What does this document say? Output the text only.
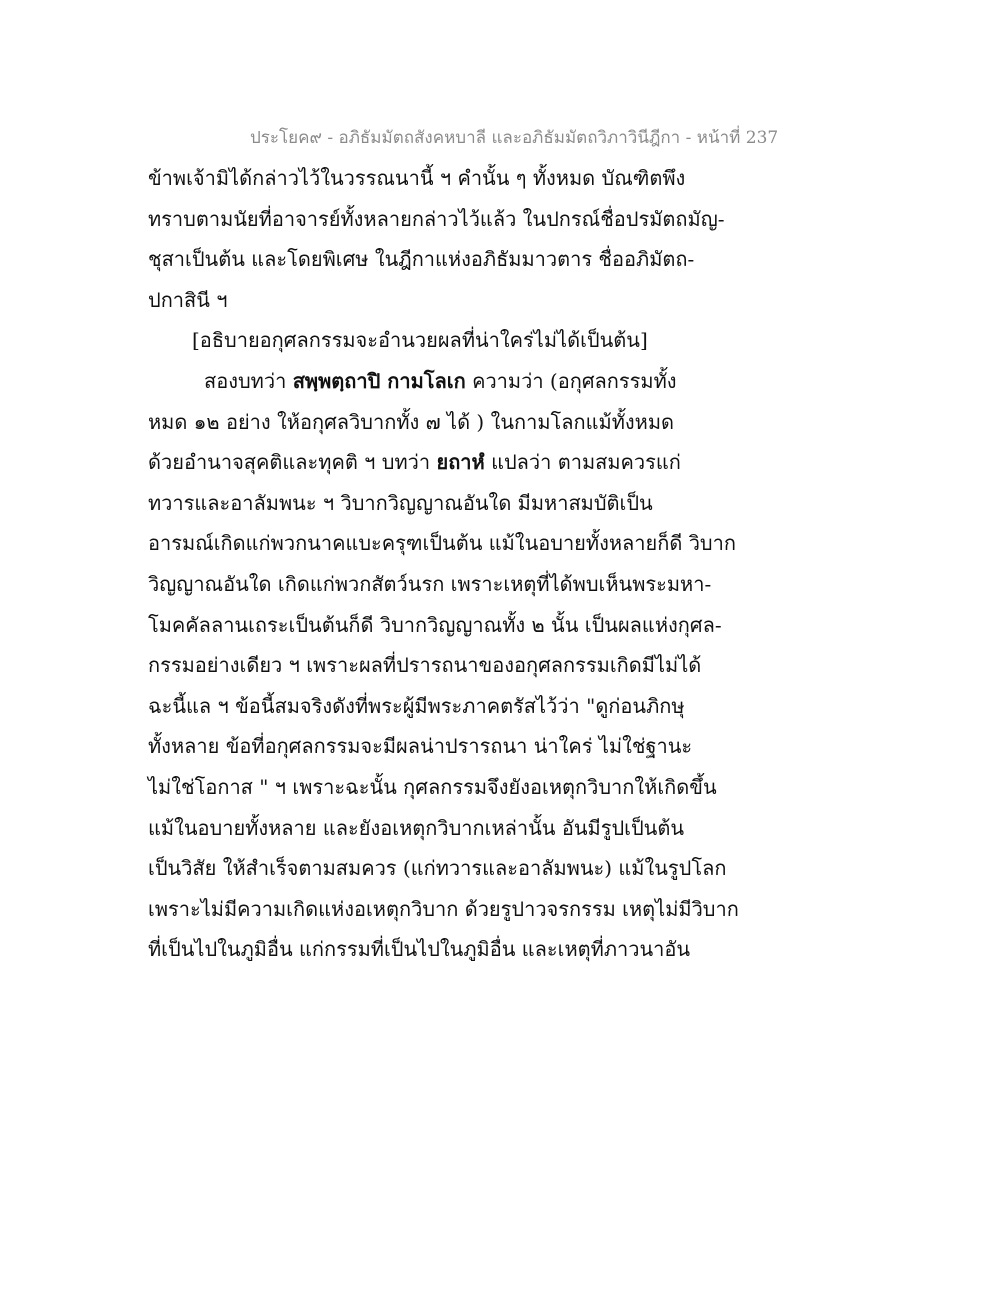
ประโยค๙ - อภิธัมมัตถสังคหบาลี และอภิธัมมัตถวิภาวินีฎีกา - หน้าที่ 237
ข้าพเจ้ามิได้กล่าวไว้ในวรรณนานี้ ฯ คำนั้น ๆ ทั้งหมด บัณฑิตพึง
ทราบตามนัยที่อาจารย์ทั้งหลายกล่าวไว้แล้ว ในปกรณ์ชื่อปรมัตถมัญ-
ชุสาเป็นต้น และโดยพิเศษ ในฎีกาแห่งอภิธัมมาวตาร ชื่ออภิมัตถ-
ปกาสินี ฯ
[อธิบายอกุศลกรรมจะอำนวยผลที่น่าใคร่ไม่ได้เป็นต้น]
สองบทว่า สพฺพตฺถาปิ กามโลเก ความว่า (อกุศลกรรมทั้ง
หมด ๑๒ อย่าง ให้อกุศลวิบากทั้ง ๗ ได้ ) ในกามโลกแม้ทั้งหมด
ด้วยอำนาจสุคติและทุคติ ฯ บทว่า ยถาหํ แปลว่า ตามสมควรแก่
ทวารและอาลัมพนะ ฯ วิบากวิญญาณอันใด มีมหาสมบัติเป็น
อารมณ์เกิดแก่พวกนาคแบะครุฑเป็นต้น แม้ในอบายทั้งหลายก็ดี วิบาก
วิญญาณอันใด เกิดแก่พวกสัตว์นรก เพราะเหตุที่ได้พบเห็นพระมหา-
โมคคัลลานเถระเป็นต้นก็ดี วิบากวิญญาณทั้ง ๒ นั้น เป็นผลแห่งกุศล-
กรรมอย่างเดียว ฯ เพราะผลที่ปรารถนาของอกุศลกรรมเกิดมีไม่ได้
ฉะนี้แล ฯ ข้อนี้สมจริงดังที่พระผู้มีพระภาคตรัสไว้ว่า "ดูก่อนภิกษุ
ทั้งหลาย ข้อที่อกุศลกรรมจะมีผลน่าปรารถนา น่าใคร่ ไม่ใช่ฐานะ
ไม่ใช่โอกาส " ฯ เพราะฉะนั้น กุศลกรรมจึงยังอเหตุกวิบากให้เกิดขึ้น
แม้ในอบายทั้งหลาย และยังอเหตุกวิบากเหล่านั้น อันมีรูปเป็นต้น
เป็นวิสัย ให้สำเร็จตามสมควร (แก่ทวารและอาลัมพนะ) แม้ในรูปโลก
เพราะไม่มีความเกิดแห่งอเหตุกวิบาก ด้วยรูปาวจรกรรม เหตุไม่มีวิบาก
ที่เป็นไปในภูมิอื่น แก่กรรมที่เป็นไปในภูมิอื่น และเหตุที่ภาวนาอัน
